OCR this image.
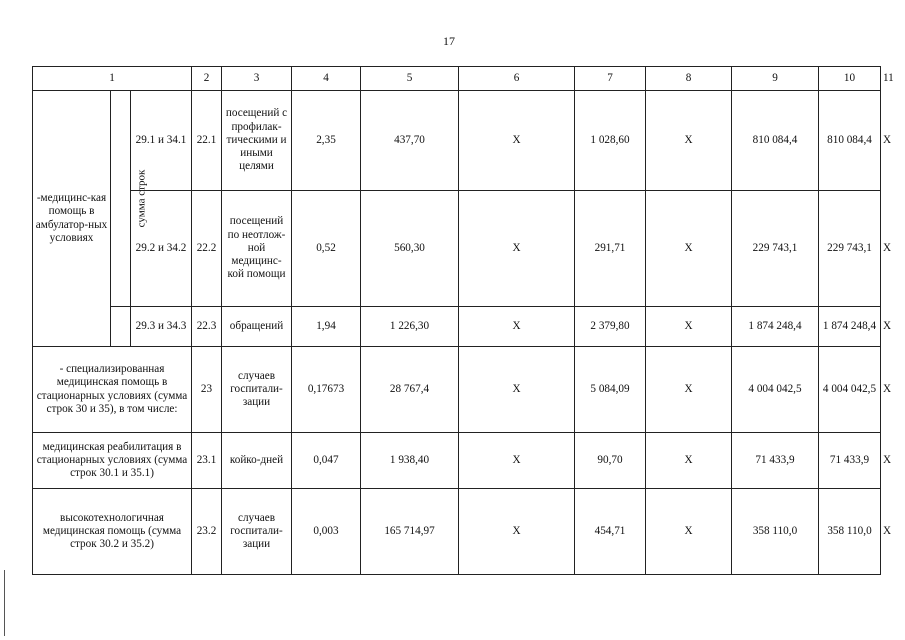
17
1			2	3	4	5	6	7	8	9	10	11
-медицинс-кая помощь в амбулатор-ных условиях	сумма строк	29.1 и 34.1	22.1	посещений с профилак-тическими и иными целями	2,35	437,70	Х	1 028,60	Х	810 084,4	810 084,4	Х
		29.2 и 34.2	22.2	посещений по неотлож-ной медицинс-кой помощи	0,52	560,30	Х	291,71	Х	229 743,1	229 743,1	Х
		29.3 и 34.3	22.3	обращений	1,94	1 226,30	Х	2 379,80	Х	1 874 248,4	1 874 248,4	Х
- специализированная медицинская помощь в стационарных условиях (сумма строк 30 и 35), в том числе:			23	случаев госпитали-зации	0,17673	28 767,4	Х	5 084,09	Х	4 004 042,5	4 004 042,5	Х
медицинская реабилитация в стационарных условиях (сумма строк 30.1 и 35.1)			23.1	койко-дней	0,047	1 938,40	Х	90,70	Х	71 433,9	71 433,9	Х
высокотехнологичная медицинская помощь (сумма строк 30.2 и 35.2)			23.2	случаев госпитали-зации	0,003	165 714,97	Х	454,71	Х	358 110,0	358 110,0	Х
